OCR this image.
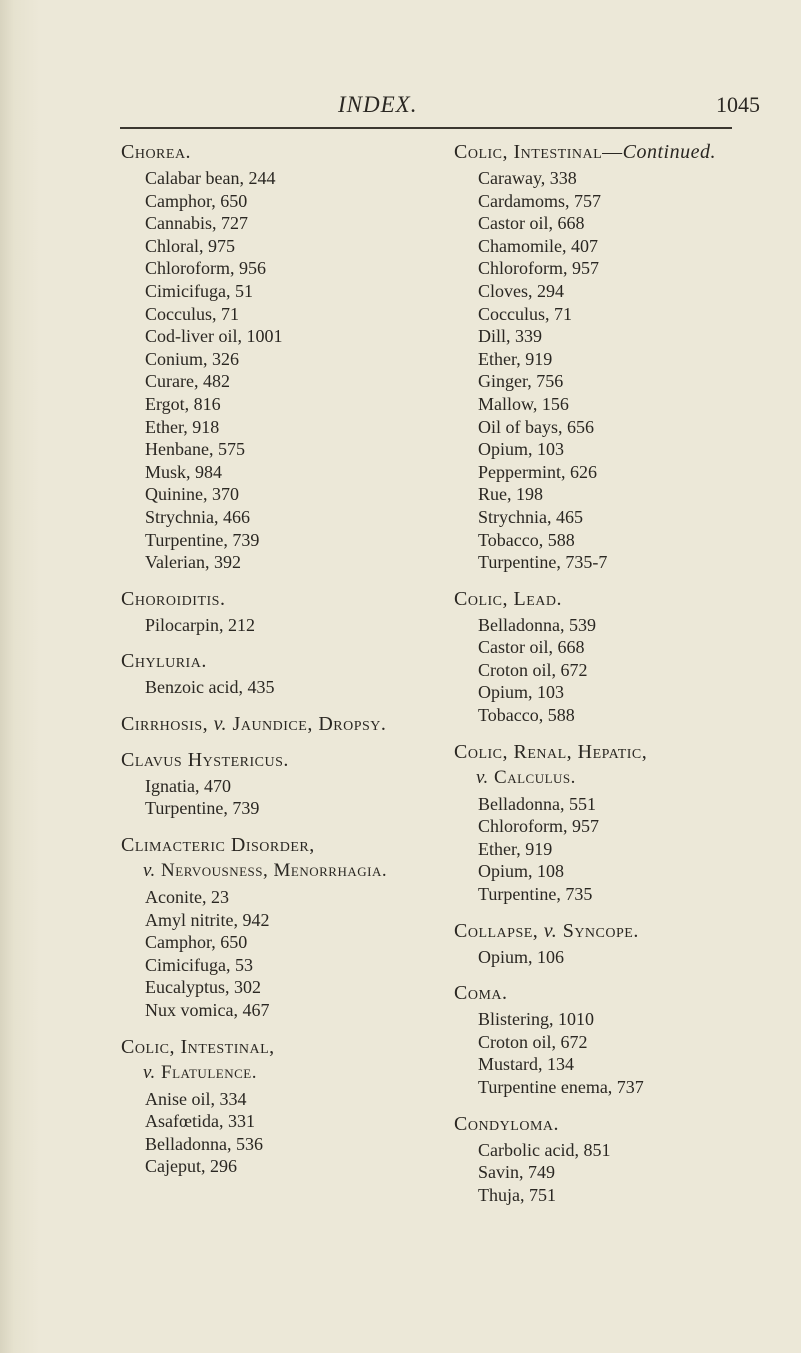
INDEX.	1045
Chorea.
Calabar bean, 244
Camphor, 650
Cannabis, 727
Chloral, 975
Chloroform, 956
Cimicifuga, 51
Cocculus, 71
Cod-liver oil, 1001
Conium, 326
Curare, 482
Ergot, 816
Ether, 918
Henbane, 575
Musk, 984
Quinine, 370
Strychnia, 466
Turpentine, 739
Valerian, 392
Choroiditis.
Pilocarpin, 212
Chyluria.
Benzoic acid, 435
Cirrhosis, v. Jaundice, Dropsy.
Clavus Hystericus.
Ignatia, 470
Turpentine, 739
Climacteric Disorder,
v. Nervousness, Menorrhagia.
Aconite, 23
Amyl nitrite, 942
Camphor, 650
Cimicifuga, 53
Eucalyptus, 302
Nux vomica, 467
Colic, Intestinal,
v. Flatulence.
Anise oil, 334
Asafœtida, 331
Belladonna, 536
Cajeput, 296
Colic, Intestinal—Continued.
Caraway, 338
Cardamoms, 757
Castor oil, 668
Chamomile, 407
Chloroform, 957
Cloves, 294
Cocculus, 71
Dill, 339
Ether, 919
Ginger, 756
Mallow, 156
Oil of bays, 656
Opium, 103
Peppermint, 626
Rue, 198
Strychnia, 465
Tobacco, 588
Turpentine, 735-7
Colic, Lead.
Belladonna, 539
Castor oil, 668
Croton oil, 672
Opium, 103
Tobacco, 588
Colic, Renal, Hepatic,
v. Calculus.
Belladonna, 551
Chloroform, 957
Ether, 919
Opium, 108
Turpentine, 735
Collapse, v. Syncope.
Opium, 106
Coma.
Blistering, 1010
Croton oil, 672
Mustard, 134
Turpentine enema, 737
Condyloma.
Carbolic acid, 851
Savin, 749
Thuja, 751
